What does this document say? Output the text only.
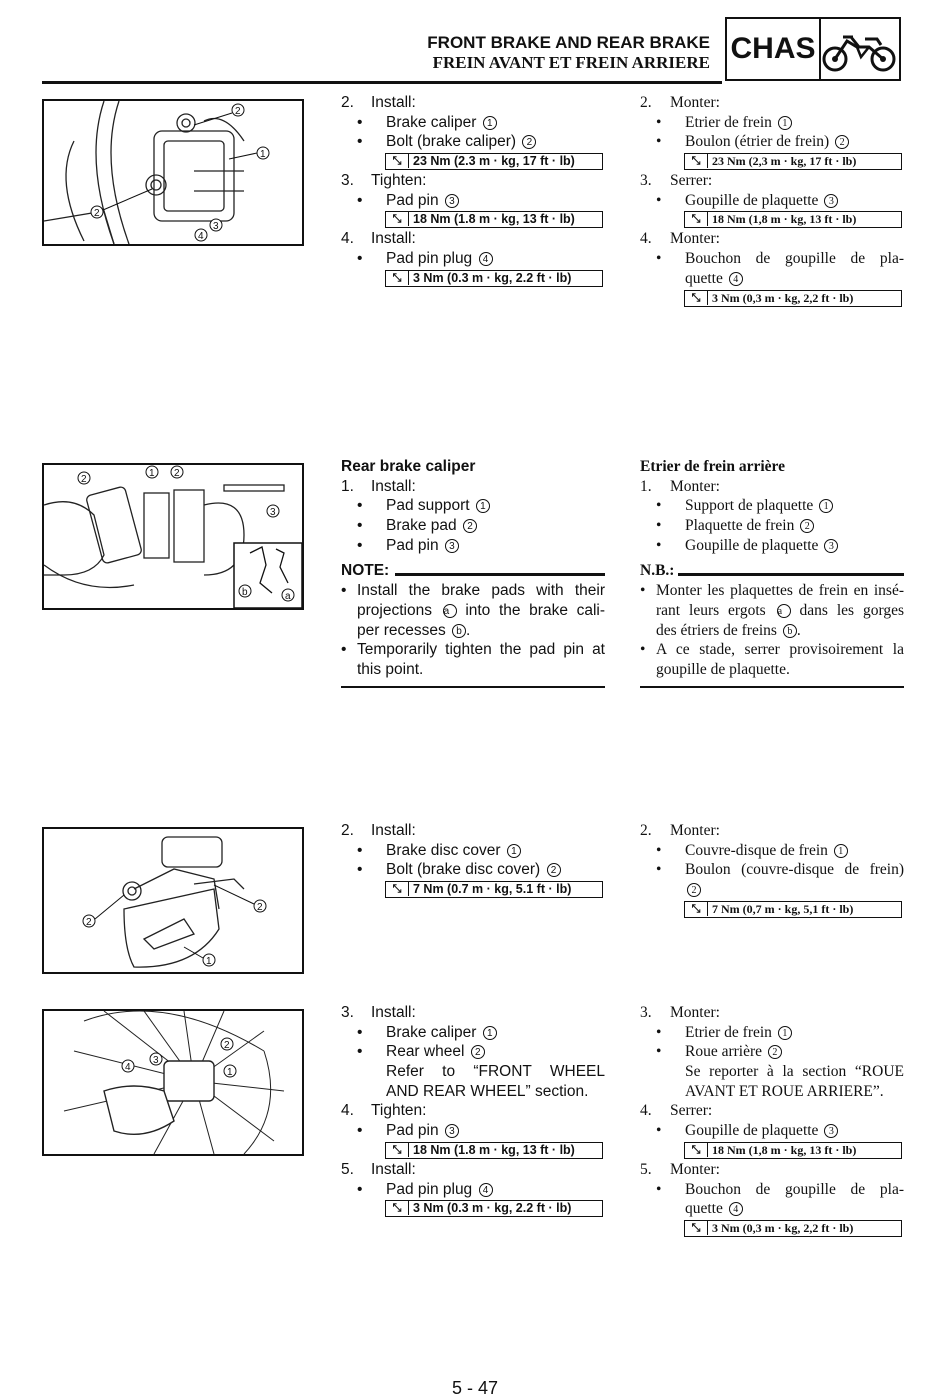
FRONT BRAKE AND REAR BRAKE
FREIN AVANT ET FREIN ARRIERE CHAS
2
1
2
3
4
2
1 2
3
b	a
2
2
1
2
4
3
1
2. Install:
• Brake caliper 1
• Bolt (brake caliper) 2
⤡ 23 Nm (2.3 m · kg, 17 ft · lb)
3. Tighten:
• Pad pin 3
⤡ 18 Nm (1.8 m · kg, 13 ft · lb)
4. Install:
• Pad pin plug 4
⤡ 3 Nm (0.3 m · kg, 2.2 ft · lb)
2. Monter:
• Etrier de frein 1
• Boulon (étrier de frein) 2
⤡ 23 Nm (2,3 m · kg, 17 ft · lb)
3. Serrer:
• Goupille de plaquette 3
⤡ 18 Nm (1,8 m · kg, 13 ft · lb)
4. Monter:
• Bouchon de goupille de pla-
quette 4
⤡ 3 Nm (0,3 m · kg, 2,2 ft · lb)
Rear brake caliper
1. Install:
• Pad support 1
• Brake pad 2
• Pad pin 3
NOTE:
• Install the brake pads with their
projections a into the brake cali-
per recesses b .
• Temporarily tighten the pad pin at
this point.
Etrier de frein arrière
1. Monter:
• Support de plaquette 1
• Plaquette de frein 2
• Goupille de plaquette 3
N.B.:
• Monter les plaquettes de frein en insé-
rant leurs ergots a dans les gorges
des étriers de freins b .
• A ce stade, serrer provisoirement la
goupille de plaquette.
2. Install:
• Brake disc cover 1
• Bolt (brake disc cover) 2
⤡ 7 Nm (0.7 m · kg, 5.1 ft · lb)
2. Monter:
• Couvre-disque de frein 1
• Boulon (couvre-disque de frein)
2
⤡ 7 Nm (0,7 m · kg, 5,1 ft · lb)
3. Install:
• Brake caliper 1
• Rear wheel 2
Refer to “FRONT WHEEL
AND REAR WHEEL” section.
4. Tighten:
• Pad pin 3
⤡ 18 Nm (1.8 m · kg, 13 ft · lb)
5. Install:
• Pad pin plug 4
⤡ 3 Nm (0.3 m · kg, 2.2 ft · lb)
3. Monter:
• Etrier de frein 1
• Roue arrière 2
Se reporter à la section “ROUE
AVANT ET ROUE ARRIERE”.
4. Serrer:
• Goupille de plaquette 3
⤡ 18 Nm (1,8 m · kg, 13 ft · lb)
5. Monter:
• Bouchon de goupille de pla-
quette 4
⤡ 3 Nm (0,3 m · kg, 2,2 ft · lb)
5 - 47
